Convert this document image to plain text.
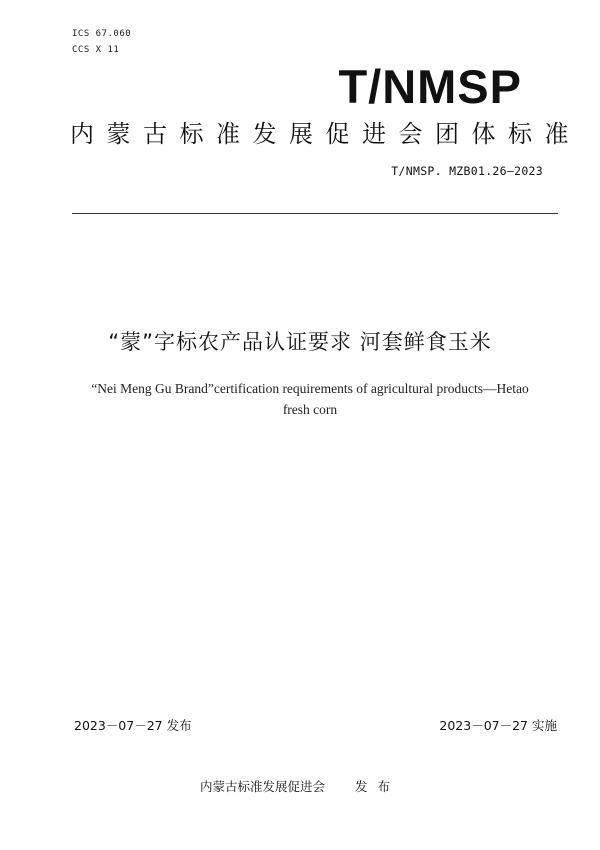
ICS 67.060
CCS X 11
T/NMSP
内蒙古标准发展促进会团体标准
T/NMSP. MZB01.26—2023
“蒙”字标农产品认证要求 河套鲜食玉米
“Nei Meng Gu Brand”certification requirements of agricultural products—Hetao fresh corn
2023－07－27 发布	2023－07－27 实施
内蒙古标准发展促进会 发布
